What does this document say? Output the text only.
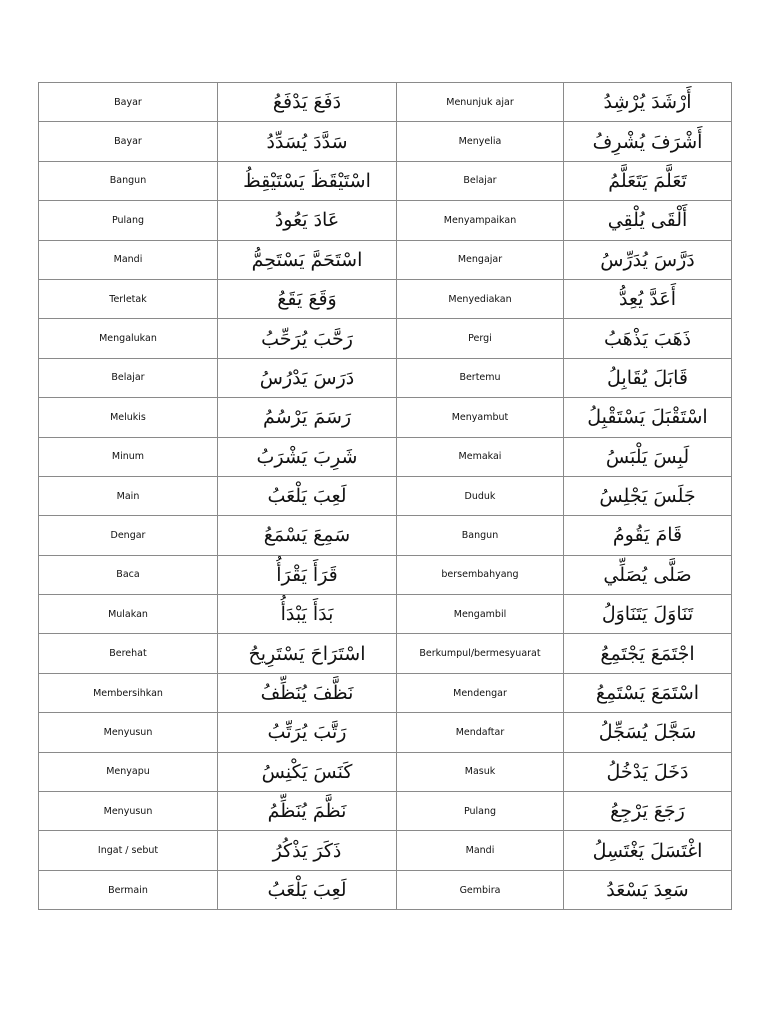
Bayar	دَفَعَ يَدْفَعُ	Menunjuk ajar	أَرْشَدَ يُرْشِدُ
Bayar	سَدَّدَ يُسَدِّدُ	Menyelia	أَشْرَفَ يُشْرِفُ
Bangun	اسْتَيْقَظَ يَسْتَيْقِظُ	Belajar	تَعَلَّمَ يَتَعَلَّمُ
Pulang	عَادَ يَعُودُ	Menyampaikan	أَلْقَى يُلْقِي
Mandi	اسْتَحَمَّ يَسْتَحِمُّ	Mengajar	دَرَّسَ يُدَرِّسُ
Terletak	وَقَعَ يَقَعُ	Menyediakan	أَعَدَّ يُعِدُّ
Mengalukan	رَحَّبَ يُرَحِّبُ	Pergi	ذَهَبَ يَذْهَبُ
Belajar	دَرَسَ يَدْرُسُ	Bertemu	قَابَلَ يُقَابِلُ
Melukis	رَسَمَ يَرْسُمُ	Menyambut	اسْتَقْبَلَ يَسْتَقْبِلُ
Minum	شَرِبَ يَشْرَبُ	Memakai	لَبِسَ يَلْبَسُ
Main	لَعِبَ يَلْعَبُ	Duduk	جَلَسَ يَجْلِسُ
Dengar	سَمِعَ يَسْمَعُ	Bangun	قَامَ يَقُومُ
Baca	قَرَأَ يَقْرَأُ	bersembahyang	صَلَّى يُصَلِّي
Mulakan	بَدَأَ يَبْدَأُ	Mengambil	تَنَاوَلَ يَتَنَاوَلُ
Berehat	اسْتَرَاحَ يَسْتَرِيحُ	Berkumpul/bermesyuarat	اجْتَمَعَ يَجْتَمِعُ
Membersihkan	نَظَّفَ يُنَظِّفُ	Mendengar	اسْتَمَعَ يَسْتَمِعُ
Menyusun	رَتَّبَ يُرَتِّبُ	Mendaftar	سَجَّلَ يُسَجِّلُ
Menyapu	كَنَسَ يَكْنِسُ	Masuk	دَخَلَ يَدْخُلُ
Menyusun	نَظَّمَ يُنَظِّمُ	Pulang	رَجَعَ يَرْجِعُ
Ingat / sebut	ذَكَرَ يَذْكُرُ	Mandi	اغْتَسَلَ يَغْتَسِلُ
Bermain	لَعِبَ يَلْعَبُ	Gembira	سَعِدَ يَسْعَدُ
